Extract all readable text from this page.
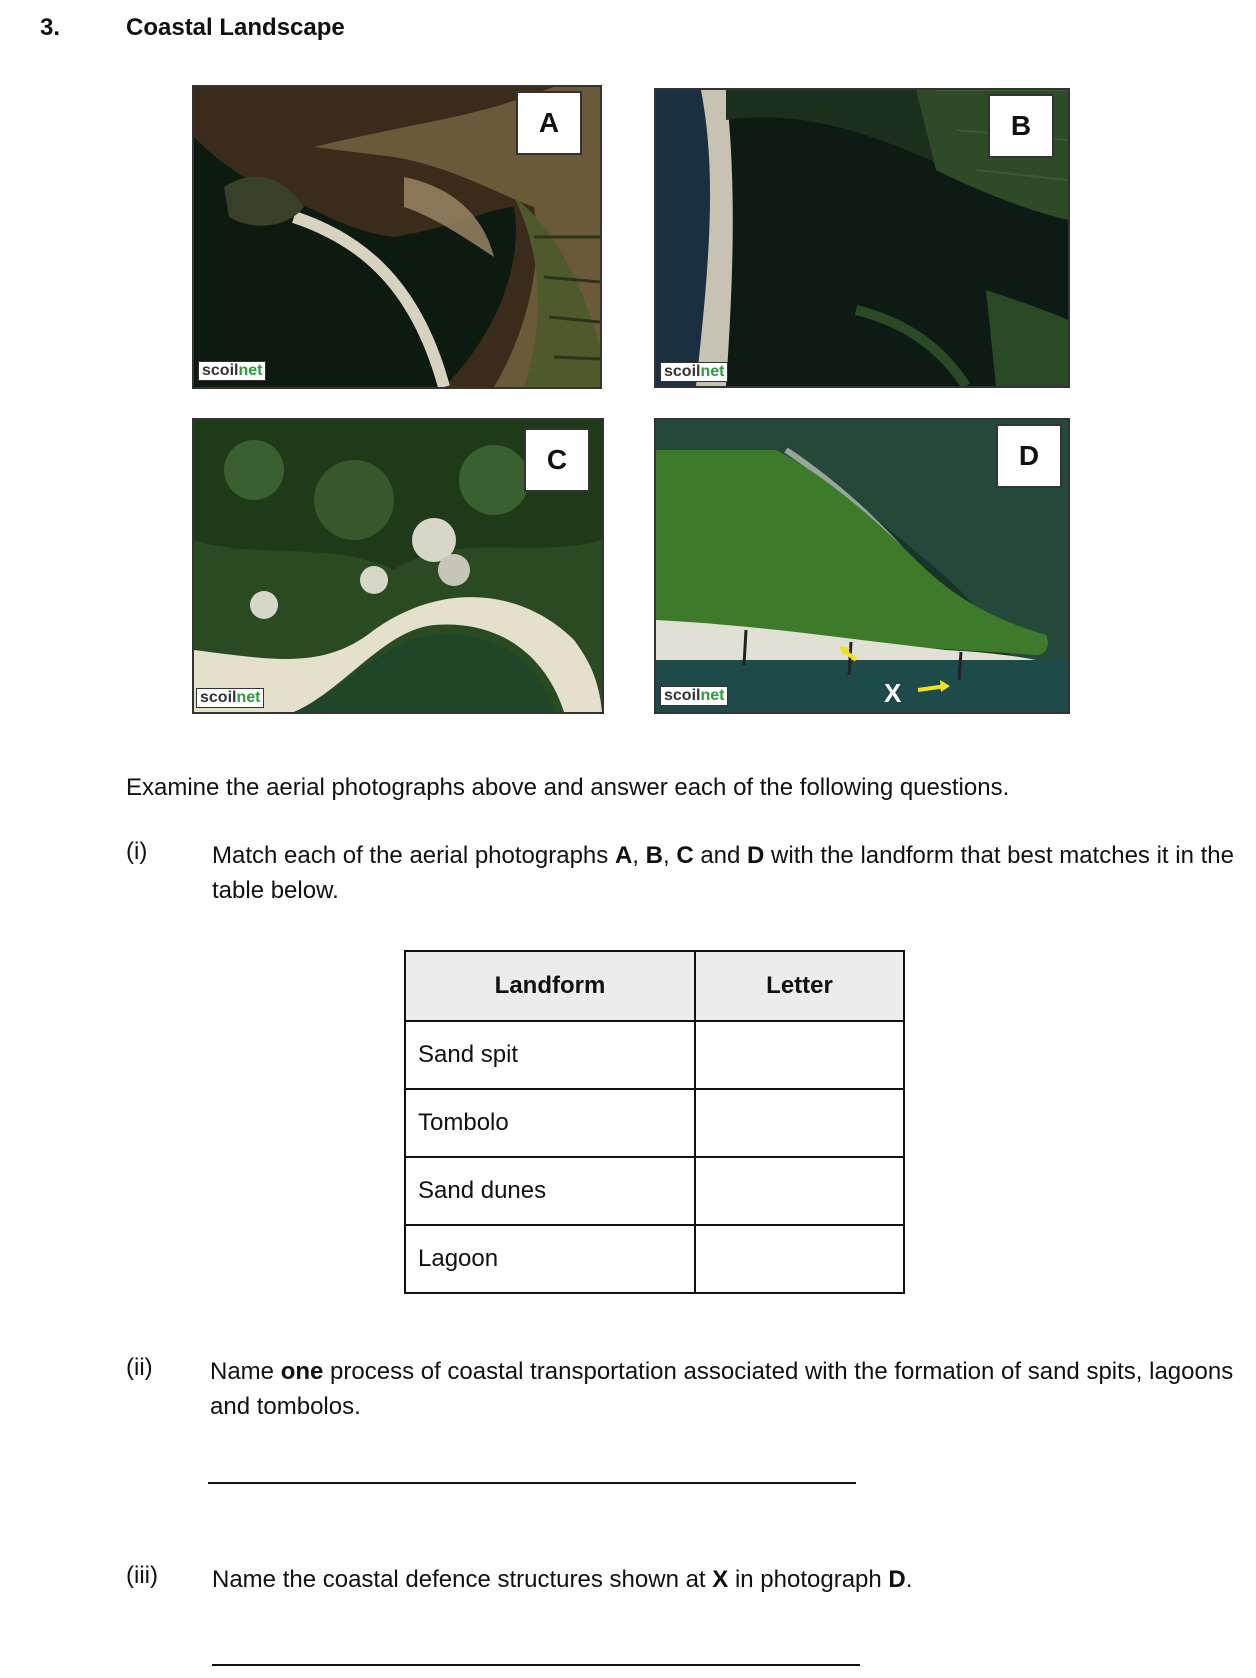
3.	Coastal Landscape
A
scoilnet
B
scoilnet
C
scoilnet
D
scoilnet	X
Examine the aerial photographs above and answer each of the following questions.
(i)	Match each of the aerial photographs A, B, C and D with the landform that best matches it in the table below.
Landform	Letter
Sand spit	
Tombolo	
Sand dunes	
Lagoon	
(ii) Name one process of coastal transportation associated with the formation of sand spits, lagoons and tombolos.
(iii) Name the coastal defence structures shown at X in photograph D.
